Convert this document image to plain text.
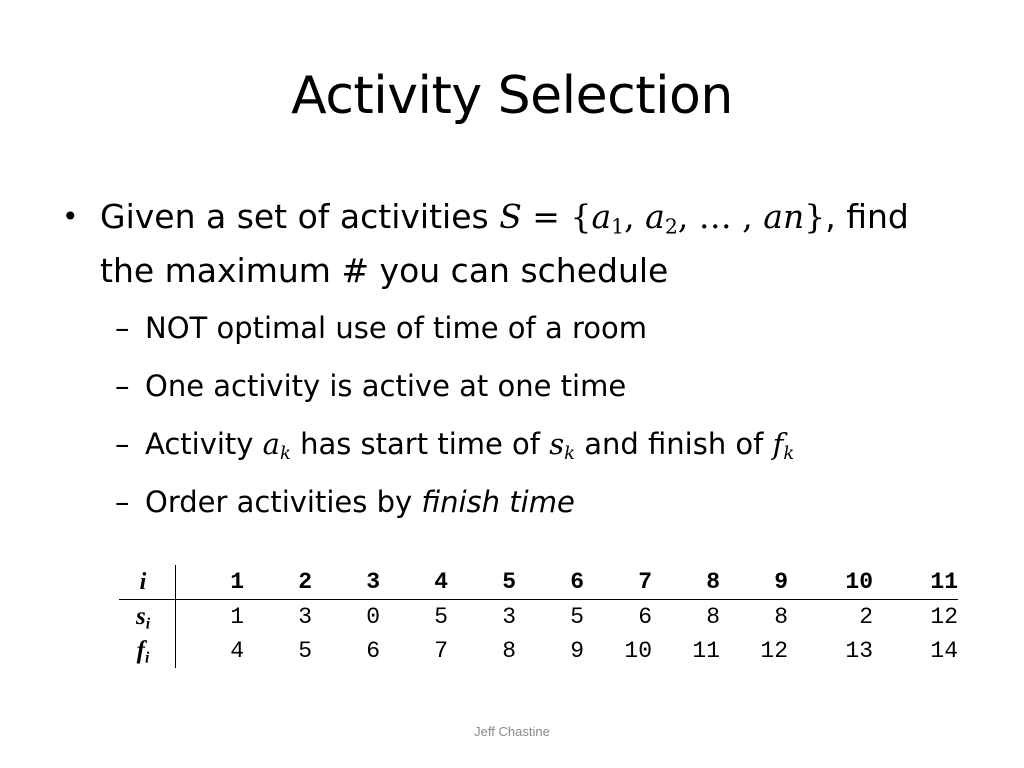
Activity Selection
• Given a set of activities $S = \{a_1$, $a_2$, … , an}, find the maximum # you can schedule
– NOT optimal use of time of a room
– One activity is active at one time
– Activity $a_k$ has start time of $s_k$ and finish of $f_k$
– Order activities by finish time
i	1	2	3	4	5	6	7	8	9	10	11
$s_i$	1	3	0	5	3	5	6	8	8	2	12
$f_i$	4	5	6	7	8	9	10	11	12	13	14
Jeff Chastine
